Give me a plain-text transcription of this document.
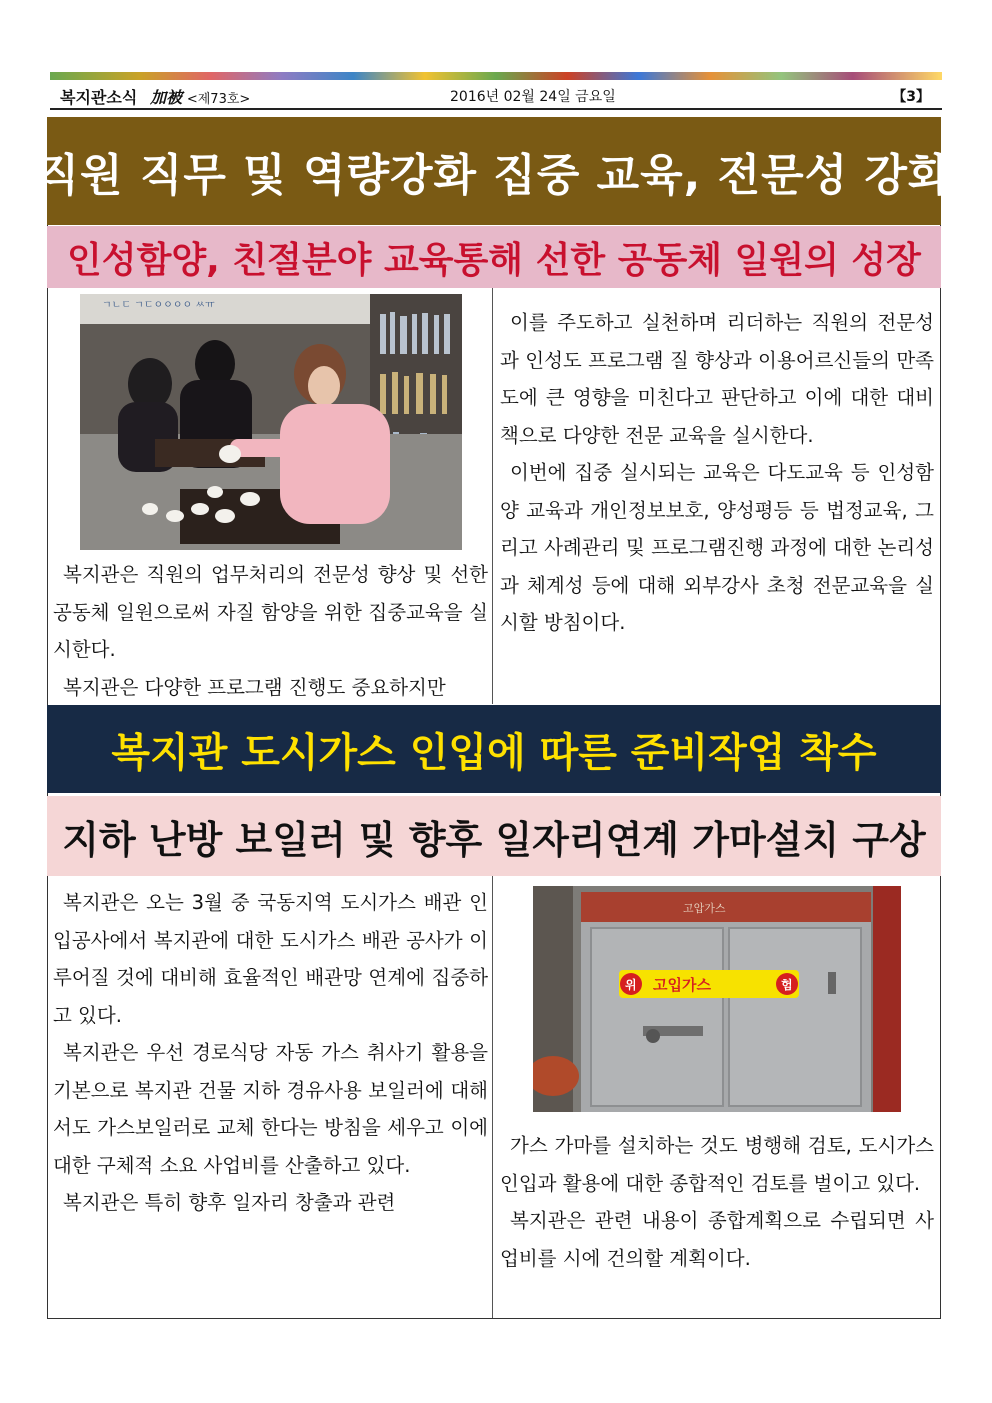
복지관소식 加被 <제73호>	2016년 02월 24일 금요일	【3】
직원 직무 및 역량강화 집중 교육, 전문성 강화
인성함양, 친절분야 교육통해 선한 공동체 일원의 성장
ㄱㄴㄷ ㄱㄷㅇㅇㅇㅇ ㅆㅠ

복지관은 직원의 업무처리의 전문성 향상 및 선한 공동체 일원으로써 자질 함양을 위한 집중교육을 실시한다.

복지관은 다양한 프로그램 진행도 중요하지만

이를 주도하고 실천하며 리더하는 직원의 전문성과 인성도 프로그램 질 향상과 이용어르신들의 만족도에 큰 영향을 미친다고 판단하고 이에 대한 대비책으로 다양한 전문 교육을 실시한다.

이번에 집중 실시되는 교육은 다도교육 등 인성함양 교육과 개인정보보호, 양성평등 등 법정교육, 그리고 사례관리 및 프로그램진행 과정에 대한 논리성과 체계성 등에 대해 외부강사 초청 전문교육을 실시할 방침이다.

복지관 도시가스 인입에 따른 준비작업 착수
지하 난방 보일러 및 향후 일자리연계 가마설치 구상

복지관은 오는 3월 중 국동지역 도시가스 배관 인입공사에서 복지관에 대한 도시가스 배관 공사가 이루어질 것에 대비해 효율적인 배관망 연계에 집중하고 있다.

복지관은 우선 경로식당 자동 가스 취사기 활용을 기본으로 복지관 건물 지하 경유사용 보일러에 대해서도 가스보일러로 교체 한다는 방침을 세우고 이에 대한 구체적 소요 사업비를 산출하고 있다.

복지관은 특히 향후 일자리 창출과 관련

고압가스
위	험
고입가스

가스 가마를 설치하는 것도 병행해 검토, 도시가스 인입과 활용에 대한 종합적인 검토를 벌이고 있다.

복지관은 관련 내용이 종합계획으로 수립되면 사업비를 시에 건의할 계획이다.
